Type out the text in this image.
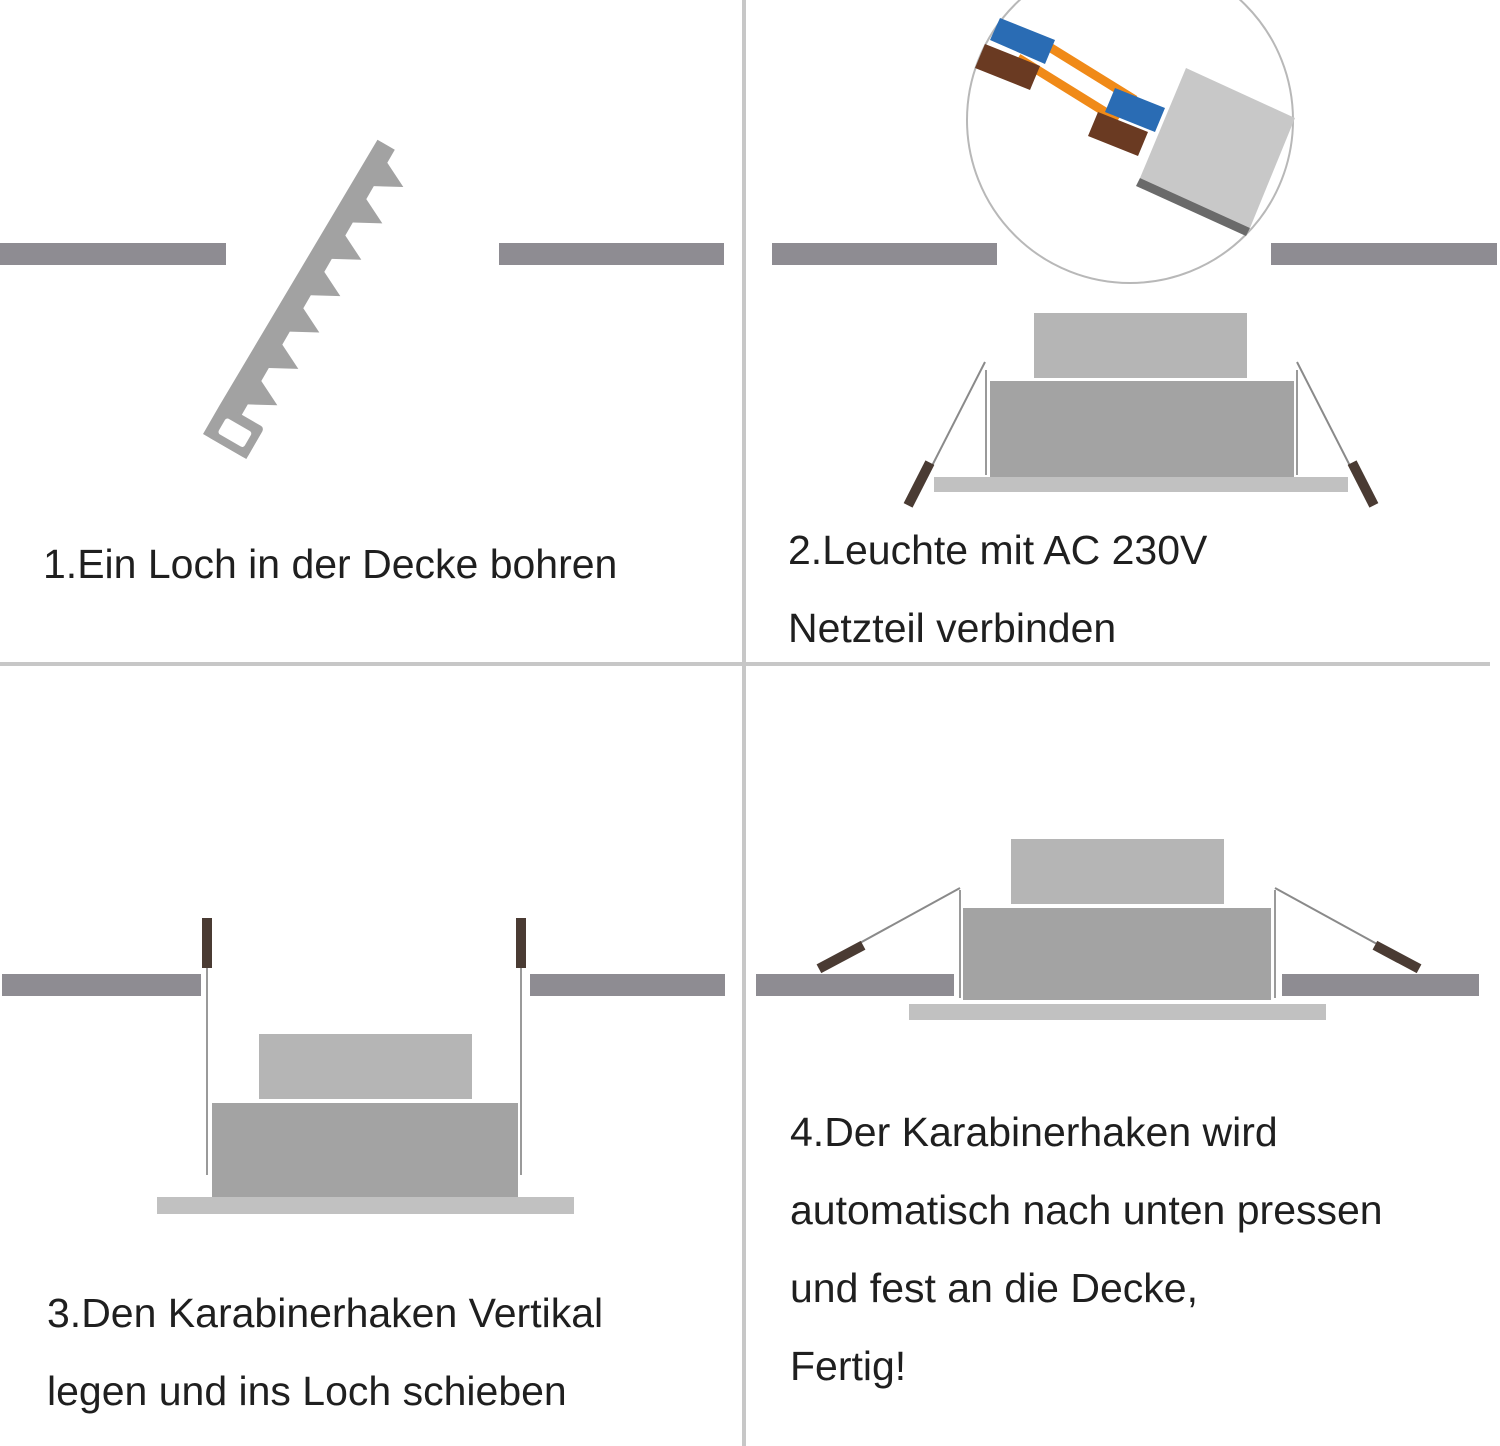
1.Ein Loch in der Decke bohren	2.Leuchte mit AC 230V
Netzteil verbinden
3.Den Karabinerhaken Vertikal
legen und ins Loch schieben
4.Der Karabinerhaken wird
automatisch nach unten pressen
und fest an die Decke,
Fertig!
